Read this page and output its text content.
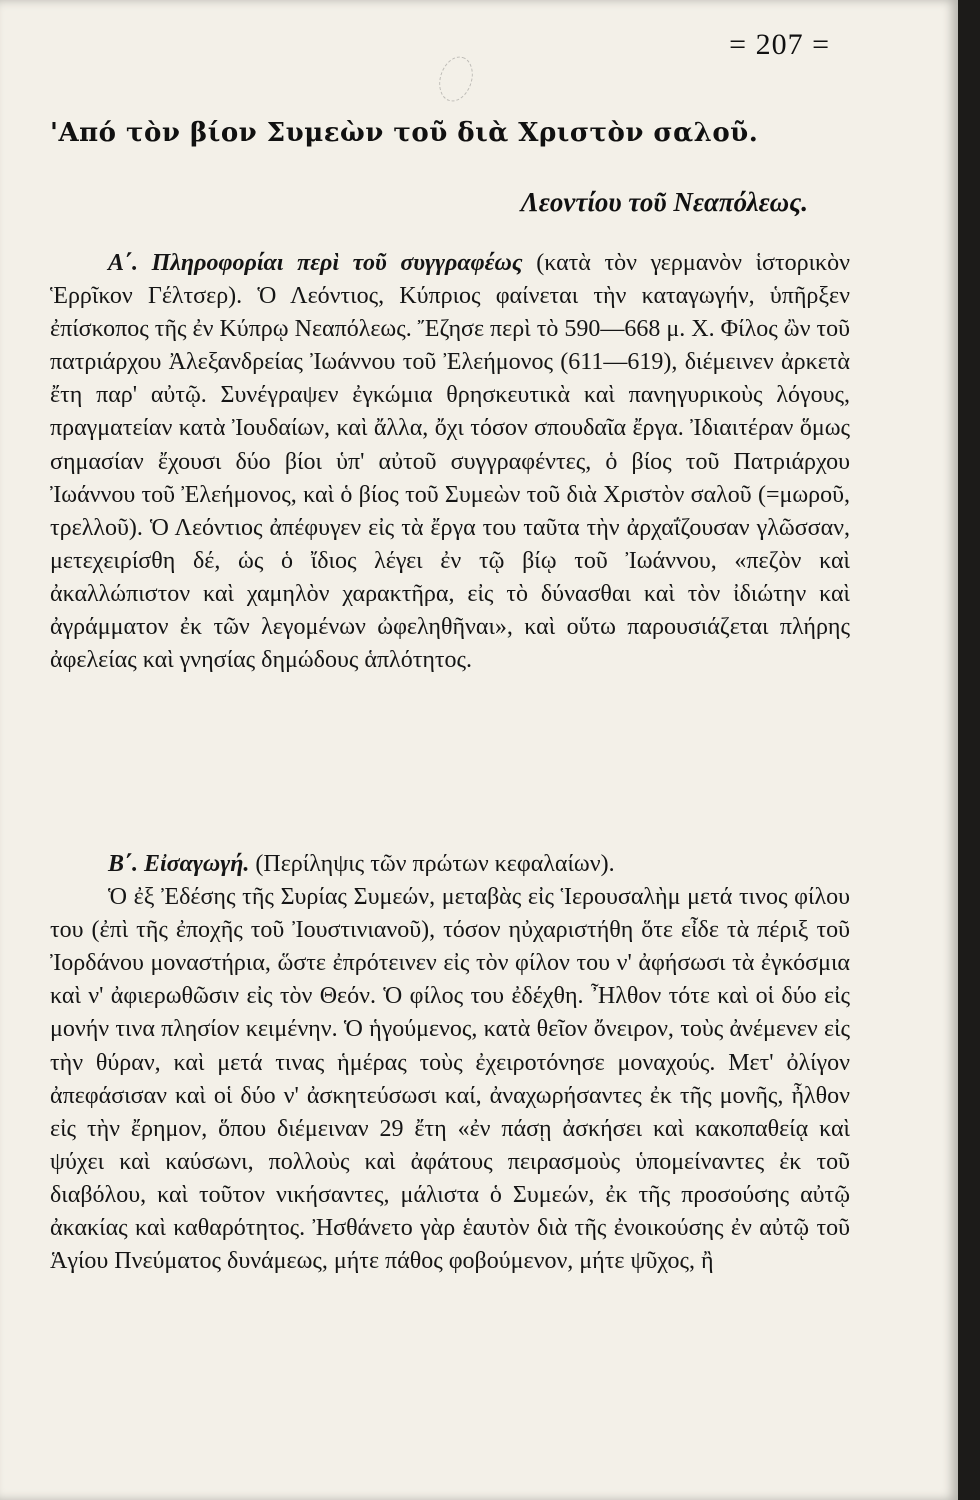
= 207 =
'Από τὸν βίον Συμεὼν τοῦ διὰ Χριστὸν σαλοῦ.
Λεοντίου τοῦ Νεαπόλεως.

Α΄. Πληροφορίαι περὶ τοῦ συγγραφέως (κατὰ τὸν γερμανὸν ἱστορικὸν Ἑρρῖκον Γέλτσερ). Ὁ Λεόντιος, Κύπριος φαίνεται τὴν καταγωγήν, ὑπῆρξεν ἐπίσκοπος τῆς ἐν Κύπρῳ Νεαπόλεως. Ἔζησε περὶ τὸ 590—668 μ. Χ. Φίλος ὢν τοῦ πατριάρχου Ἀλεξανδρείας Ἰωάννου τοῦ Ἐλεήμονος (611—619), διέμεινεν ἀρκετὰ ἔτη παρ' αὐτῷ. Συνέγραψεν ἐγκώμια θρησκευτικὰ καὶ πανηγυρικοὺς λόγους, πραγματείαν κατὰ Ἰουδαίων, καὶ ἄλλα, ὄχι τόσον σπουδαῖα ἔργα. Ἰδιαιτέραν ὅμως σημασίαν ἔχουσι δύο βίοι ὑπ' αὐτοῦ συγγραφέντες, ὁ βίος τοῦ Πατριάρχου Ἰωάννου τοῦ Ἐλεήμονος, καὶ ὁ βίος τοῦ Συμεὼν τοῦ διὰ Χριστὸν σαλοῦ (=μωροῦ, τρελλοῦ). Ὁ Λεόντιος ἀπέφυγεν εἰς τὰ ἔργα του ταῦτα τὴν ἀρχαΐζουσαν γλῶσσαν, μετεχειρίσθη δέ, ὡς ὁ ἴδιος λέγει ἐν τῷ βίῳ τοῦ Ἰωάννου, «πεζὸν καὶ ἀκαλλώπιστον καὶ χαμηλὸν χαρακτῆρα, εἰς τὸ δύνασθαι καὶ τὸν ἰδιώτην καὶ ἀγράμματον ἐκ τῶν λεγομένων ὠφεληθῆναι», καὶ οὕτω παρουσιάζεται πλήρης ἀφελείας καὶ γνησίας δημώδους ἁπλότητος.

Β΄. Εἰσαγωγή. (Περίληψις τῶν πρώτων κεφαλαίων).

Ὁ ἐξ Ἐδέσης τῆς Συρίας Συμεών, μεταβὰς εἰς Ἱερουσαλὴμ μετά τινος φίλου του (ἐπὶ τῆς ἐποχῆς τοῦ Ἰουστινιανοῦ), τόσον ηὐχαριστήθη ὅτε εἶδε τὰ πέριξ τοῦ Ἰορδάνου μοναστήρια, ὥστε ἐπρότεινεν εἰς τὸν φίλον του ν' ἀφήσωσι τὰ ἐγκόσμια καὶ ν' ἀφιερωθῶσιν εἰς τὸν Θεόν. Ὁ φίλος του ἐδέχθη. Ἦλθον τότε καὶ οἱ δύο εἰς μονήν τινα πλησίον κειμένην. Ὁ ἡγούμενος, κατὰ θεῖον ὄνειρον, τοὺς ἀνέμενεν εἰς τὴν θύραν, καὶ μετά τινας ἡμέρας τοὺς ἐχειροτόνησε μοναχούς. Μετ' ὀλίγον ἀπεφάσισαν καὶ οἱ δύο ν' ἀσκητεύσωσι καί, ἀναχωρήσαντες ἐκ τῆς μονῆς, ἦλθον εἰς τὴν ἔρημον, ὅπου διέμειναν 29 ἔτη «ἐν πάσῃ ἀσκήσει καὶ κακοπαθείᾳ καὶ ψύχει καὶ καύσωνι, πολλοὺς καὶ ἀφάτους πειρασμοὺς ὑπομείναντες ἐκ τοῦ διαβόλου, καὶ τοῦτον νικήσαντες, μάλιστα ὁ Συμεών, ἐκ τῆς προσούσης αὐτῷ ἀκακίας καὶ καθαρότητος. Ἠσθάνετο γὰρ ἑαυτὸν διὰ τῆς ἐνοικούσης ἐν αὐτῷ τοῦ Ἁγίου Πνεύματος δυνάμεως, μήτε πάθος φοβούμενον, μήτε ψῦχος, ἢ
